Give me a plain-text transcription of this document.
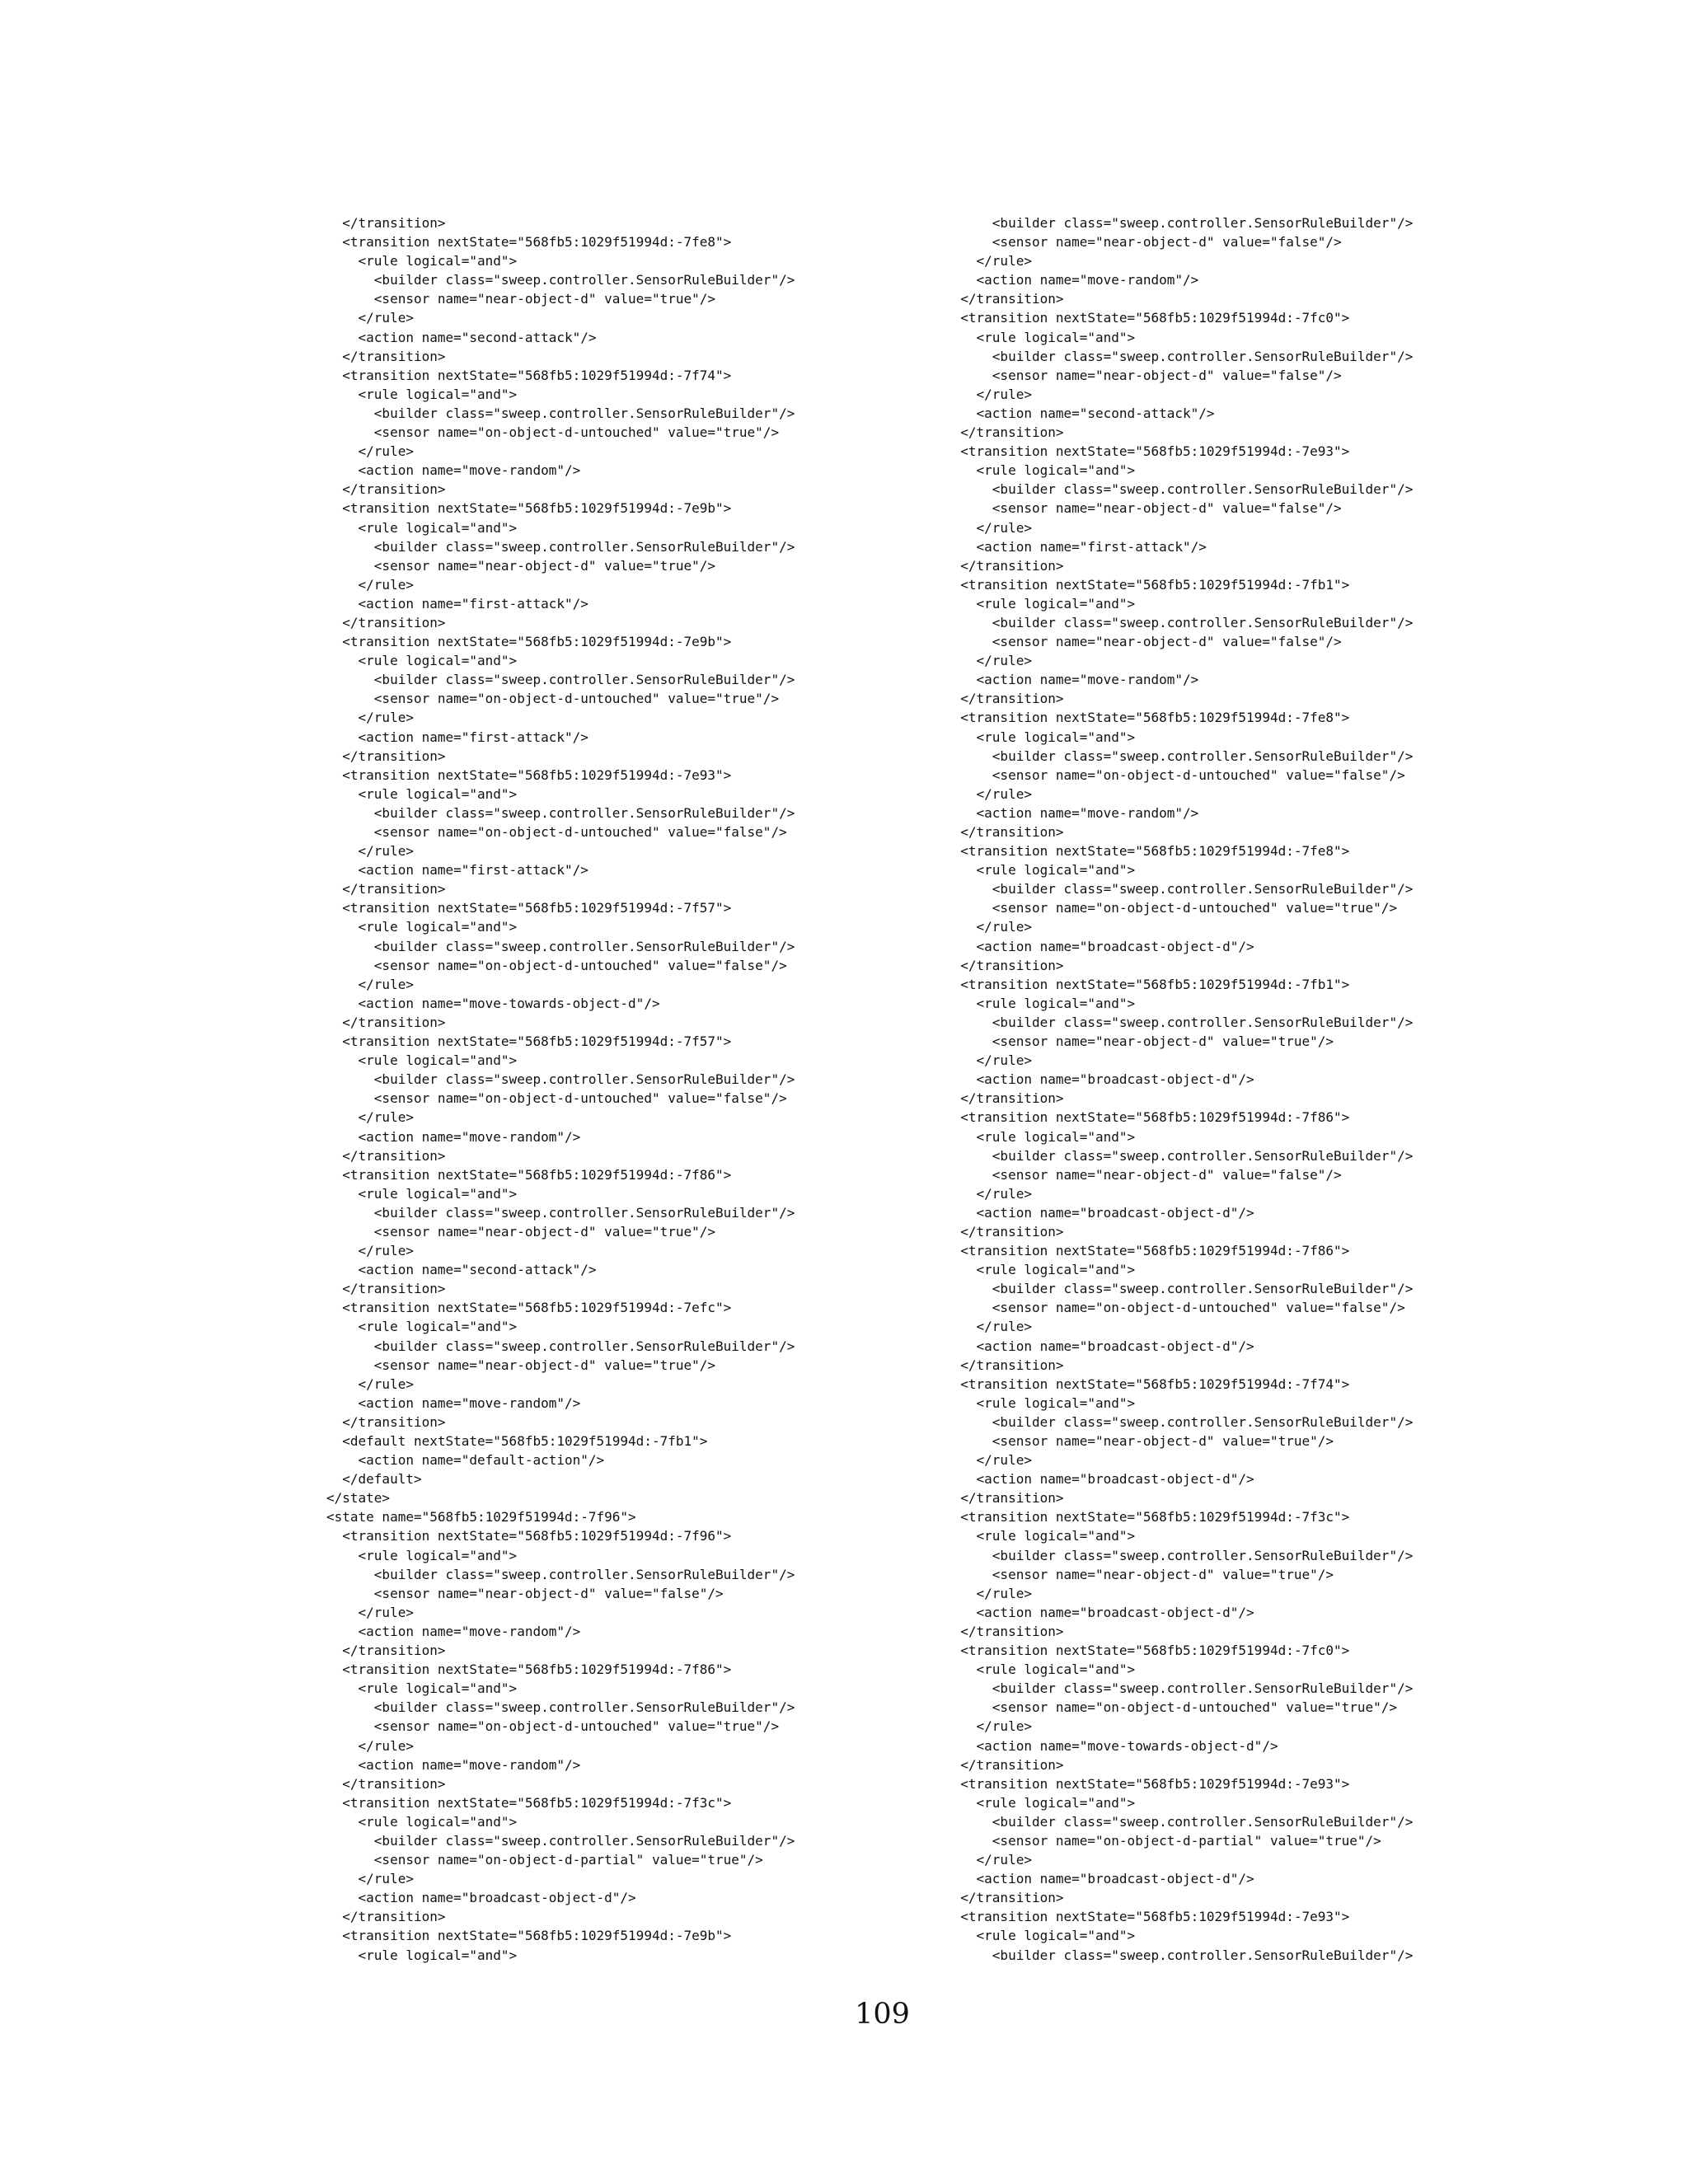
</transition>
<transition nextState="568fb5:1029f51994d:-7fe8">
<rule logical="and">
<builder class="sweep.controller.SensorRuleBuilder"/>
<sensor name="near-object-d" value="true"/>
</rule>
<action name="second-attack"/>
</transition>
<transition nextState="568fb5:1029f51994d:-7f74">
<rule logical="and">
<builder class="sweep.controller.SensorRuleBuilder"/>
<sensor name="on-object-d-untouched" value="true"/>
</rule>
<action name="move-random"/>
</transition>
<transition nextState="568fb5:1029f51994d:-7e9b">
<rule logical="and">
<builder class="sweep.controller.SensorRuleBuilder"/>
<sensor name="near-object-d" value="true"/>
</rule>
<action name="first-attack"/>
</transition>
<transition nextState="568fb5:1029f51994d:-7e9b">
<rule logical="and">
<builder class="sweep.controller.SensorRuleBuilder"/>
<sensor name="on-object-d-untouched" value="true"/>
</rule>
<action name="first-attack"/>
</transition>
<transition nextState="568fb5:1029f51994d:-7e93">
<rule logical="and">
<builder class="sweep.controller.SensorRuleBuilder"/>
<sensor name="on-object-d-untouched" value="false"/>
</rule>
<action name="first-attack"/>
</transition>
<transition nextState="568fb5:1029f51994d:-7f57">
<rule logical="and">
<builder class="sweep.controller.SensorRuleBuilder"/>
<sensor name="on-object-d-untouched" value="false"/>
</rule>
<action name="move-towards-object-d"/>
</transition>
<transition nextState="568fb5:1029f51994d:-7f57">
<rule logical="and">
<builder class="sweep.controller.SensorRuleBuilder"/>
<sensor name="on-object-d-untouched" value="false"/>
</rule>
<action name="move-random"/>
</transition>
<transition nextState="568fb5:1029f51994d:-7f86">
<rule logical="and">
<builder class="sweep.controller.SensorRuleBuilder"/>
<sensor name="near-object-d" value="true"/>
</rule>
<action name="second-attack"/>
</transition>
<transition nextState="568fb5:1029f51994d:-7efc">
<rule logical="and">
<builder class="sweep.controller.SensorRuleBuilder"/>
<sensor name="near-object-d" value="true"/>
</rule>
<action name="move-random"/>
</transition>
<default nextState="568fb5:1029f51994d:-7fb1">
<action name="default-action"/>
</default>
</state>
<state name="568fb5:1029f51994d:-7f96">
<transition nextState="568fb5:1029f51994d:-7f96">
<rule logical="and">
<builder class="sweep.controller.SensorRuleBuilder"/>
<sensor name="near-object-d" value="false"/>
</rule>
<action name="move-random"/>
</transition>
<transition nextState="568fb5:1029f51994d:-7f86">
<rule logical="and">
<builder class="sweep.controller.SensorRuleBuilder"/>
<sensor name="on-object-d-untouched" value="true"/>
</rule>
<action name="move-random"/>
</transition>
<transition nextState="568fb5:1029f51994d:-7f3c">
<rule logical="and">
<builder class="sweep.controller.SensorRuleBuilder"/>
<sensor name="on-object-d-partial" value="true"/>
</rule>
<action name="broadcast-object-d"/>
</transition>
<transition nextState="568fb5:1029f51994d:-7e9b">
<rule logical="and">
<builder class="sweep.controller.SensorRuleBuilder"/>
<sensor name="near-object-d" value="false"/>
</rule>
<action name="move-random"/>
</transition>
<transition nextState="568fb5:1029f51994d:-7fc0">
<rule logical="and">
<builder class="sweep.controller.SensorRuleBuilder"/>
<sensor name="near-object-d" value="false"/>
</rule>
<action name="second-attack"/>
</transition>
<transition nextState="568fb5:1029f51994d:-7e93">
<rule logical="and">
<builder class="sweep.controller.SensorRuleBuilder"/>
<sensor name="near-object-d" value="false"/>
</rule>
<action name="first-attack"/>
</transition>
<transition nextState="568fb5:1029f51994d:-7fb1">
<rule logical="and">
<builder class="sweep.controller.SensorRuleBuilder"/>
<sensor name="near-object-d" value="false"/>
</rule>
<action name="move-random"/>
</transition>
<transition nextState="568fb5:1029f51994d:-7fe8">
<rule logical="and">
<builder class="sweep.controller.SensorRuleBuilder"/>
<sensor name="on-object-d-untouched" value="false"/>
</rule>
<action name="move-random"/>
</transition>
<transition nextState="568fb5:1029f51994d:-7fe8">
<rule logical="and">
<builder class="sweep.controller.SensorRuleBuilder"/>
<sensor name="on-object-d-untouched" value="true"/>
</rule>
<action name="broadcast-object-d"/>
</transition>
<transition nextState="568fb5:1029f51994d:-7fb1">
<rule logical="and">
<builder class="sweep.controller.SensorRuleBuilder"/>
<sensor name="near-object-d" value="true"/>
</rule>
<action name="broadcast-object-d"/>
</transition>
<transition nextState="568fb5:1029f51994d:-7f86">
<rule logical="and">
<builder class="sweep.controller.SensorRuleBuilder"/>
<sensor name="near-object-d" value="false"/>
</rule>
<action name="broadcast-object-d"/>
</transition>
<transition nextState="568fb5:1029f51994d:-7f86">
<rule logical="and">
<builder class="sweep.controller.SensorRuleBuilder"/>
<sensor name="on-object-d-untouched" value="false"/>
</rule>
<action name="broadcast-object-d"/>
</transition>
<transition nextState="568fb5:1029f51994d:-7f74">
<rule logical="and">
<builder class="sweep.controller.SensorRuleBuilder"/>
<sensor name="near-object-d" value="true"/>
</rule>
<action name="broadcast-object-d"/>
</transition>
<transition nextState="568fb5:1029f51994d:-7f3c">
<rule logical="and">
<builder class="sweep.controller.SensorRuleBuilder"/>
<sensor name="near-object-d" value="true"/>
</rule>
<action name="broadcast-object-d"/>
</transition>
<transition nextState="568fb5:1029f51994d:-7fc0">
<rule logical="and">
<builder class="sweep.controller.SensorRuleBuilder"/>
<sensor name="on-object-d-untouched" value="true"/>
</rule>
<action name="move-towards-object-d"/>
</transition>
<transition nextState="568fb5:1029f51994d:-7e93">
<rule logical="and">
<builder class="sweep.controller.SensorRuleBuilder"/>
<sensor name="on-object-d-partial" value="true"/>
</rule>
<action name="broadcast-object-d"/>
</transition>
<transition nextState="568fb5:1029f51994d:-7e93">
<rule logical="and">
<builder class="sweep.controller.SensorRuleBuilder"/>
109
